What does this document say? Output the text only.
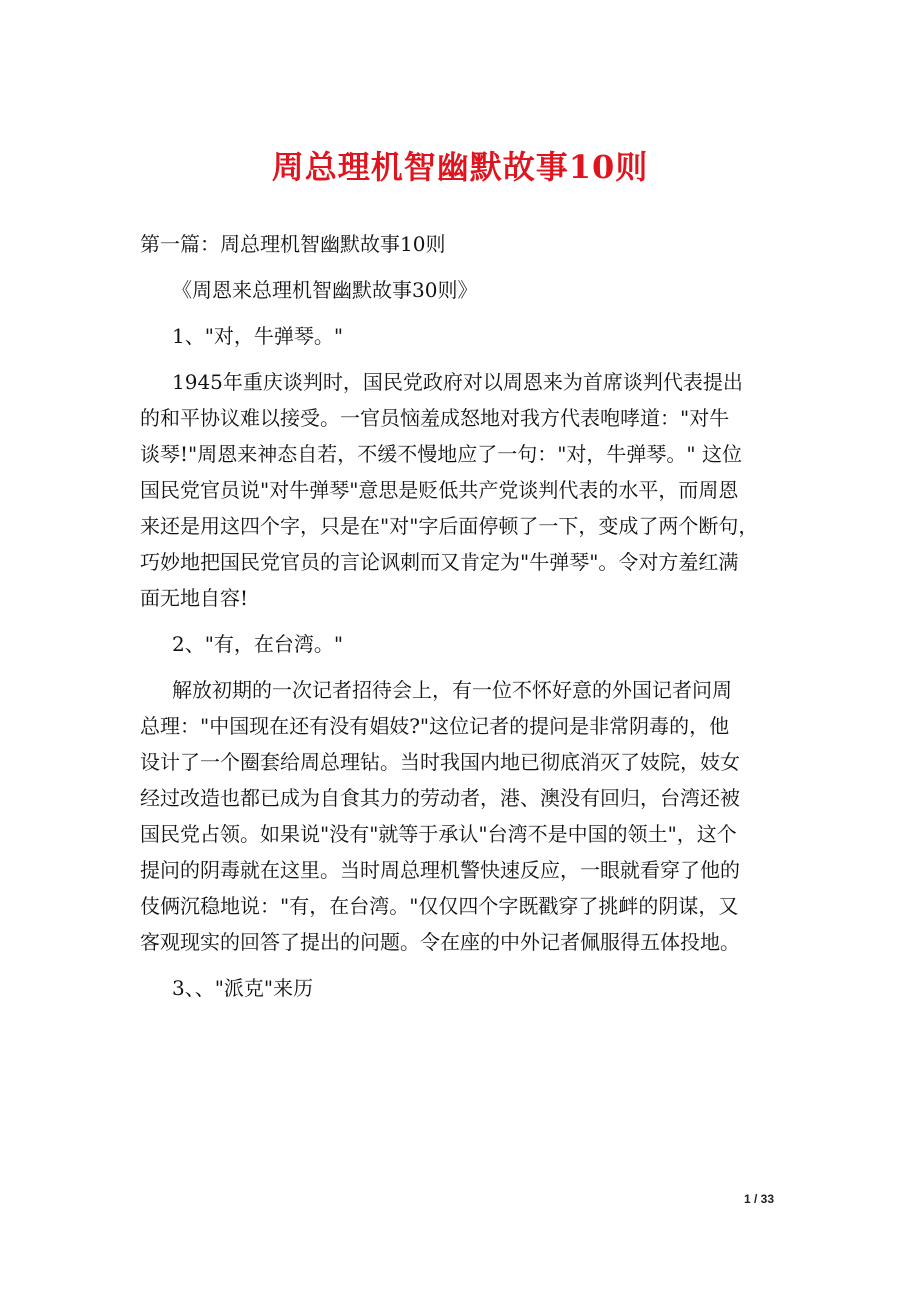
周总理机智幽默故事10则
第一篇：周总理机智幽默故事10则
《周恩来总理机智幽默故事30则》
1、"对，牛弹琴。"
1945年重庆谈判时，国民党政府对以周恩来为首席谈判代表提出
的和平协议难以接受。一官员恼羞成怒地对我方代表咆哮道："对牛
谈琴!"周恩来神态自若，不缓不慢地应了一句："对，牛弹琴。" 这位
国民党官员说"对牛弹琴"意思是贬低共产党谈判代表的水平，而周恩
来还是用这四个字，只是在"对"字后面停顿了一下，变成了两个断句，
巧妙地把国民党官员的言论讽刺而又肯定为"牛弹琴"。令对方羞红满
面无地自容!
2、"有，在台湾。"
解放初期的一次记者招待会上，有一位不怀好意的外国记者问周
总理："中国现在还有没有娼妓?"这位记者的提问是非常阴毒的，他
设计了一个圈套给周总理钻。当时我国内地已彻底消灭了妓院，妓女
经过改造也都已成为自食其力的劳动者，港、澳没有回归，台湾还被
国民党占领。如果说"没有"就等于承认"台湾不是中国的领土"，这个
提问的阴毒就在这里。当时周总理机警快速反应，一眼就看穿了他的
伎俩沉稳地说："有，在台湾。"仅仅四个字既戳穿了挑衅的阴谋，又
客观现实的回答了提出的问题。令在座的中外记者佩服得五体投地。
3、、"派克"来历
1 / 33
